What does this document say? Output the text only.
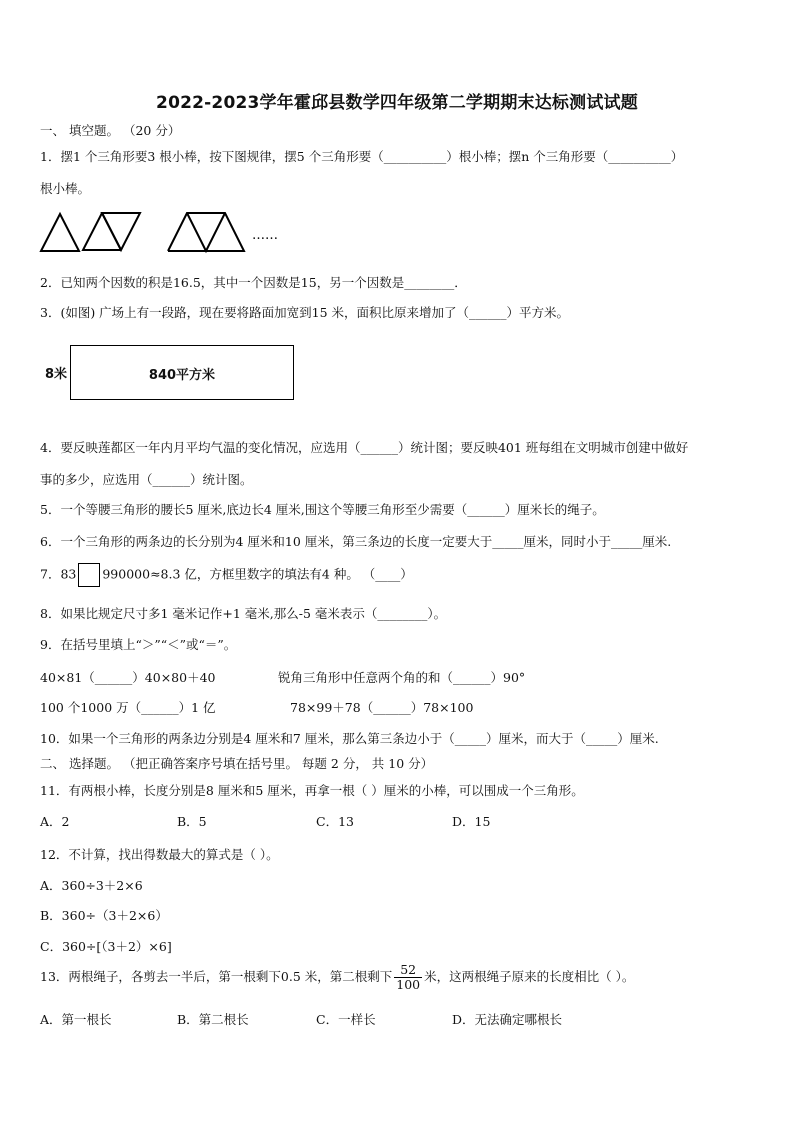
2022-2023学年霍邱县数学四年级第二学期期末达标测试试题
一、 填空题。 （20 分）
1．摆1 个三角形要3 根小棒，按下图规律，摆5 个三角形要（__________）根小棒；摆n 个三角形要（__________）
根小棒。
……
2．已知两个因数的积是16.5，其中一个因数是15，另一个因数是________．
3．(如图) 广场上有一段路，现在要将路面加宽到15 米，面积比原来增加了（______）平方米。
8米	840平方米
4．要反映莲都区一年内月平均气温的变化情况，应选用（______）统计图；要反映401 班每组在文明城市创建中做好
事的多少，应选用（______）统计图。
5．一个等腰三角形的腰长5 厘米,底边长4 厘米,围这个等腰三角形至少需要（______）厘米长的绳子。
6．一个三角形的两条边的长分别为4 厘米和10 厘米，第三条边的长度一定要大于_____厘米，同时小于_____厘米.
7．83 990000≈8.3 亿，方框里数字的填法有4 种。 （____）
8．如果比规定尺寸多1 毫米记作+1 毫米,那么-5 毫米表示（________）。
9．在括号里填上“＞”“＜”或“＝”。
40×81（______）40×80＋40	锐角三角形中任意两个角的和（______）90°
100 个1000 万（______）1 亿	78×99＋78（______）78×100
10．如果一个三角形的两条边分别是4 厘米和7 厘米，那么第三条边小于（_____）厘米，而大于（_____）厘米.
二、 选择题。 （把正确答案序号填在括号里。 每题 2 分， 共 10 分）
11．有两根小棒，长度分别是8 厘米和5 厘米，再拿一根（ ）厘米的小棒，可以围成一个三角形。
A．2	B．5	C．13	D．15
12．不计算，找出得数最大的算式是（ ）。
A．360÷3＋2×6
B．360÷（3＋2×6）
C．360÷[（3＋2）×6]
13．两根绳子，各剪去一半后，第一根剩下0.5 米，第二根剩下 $\frac{52}{100}$ 米，这两根绳子原来的长度相比（ ）。
A．第一根长	B．第二根长	C．一样长	D．无法确定哪根长
